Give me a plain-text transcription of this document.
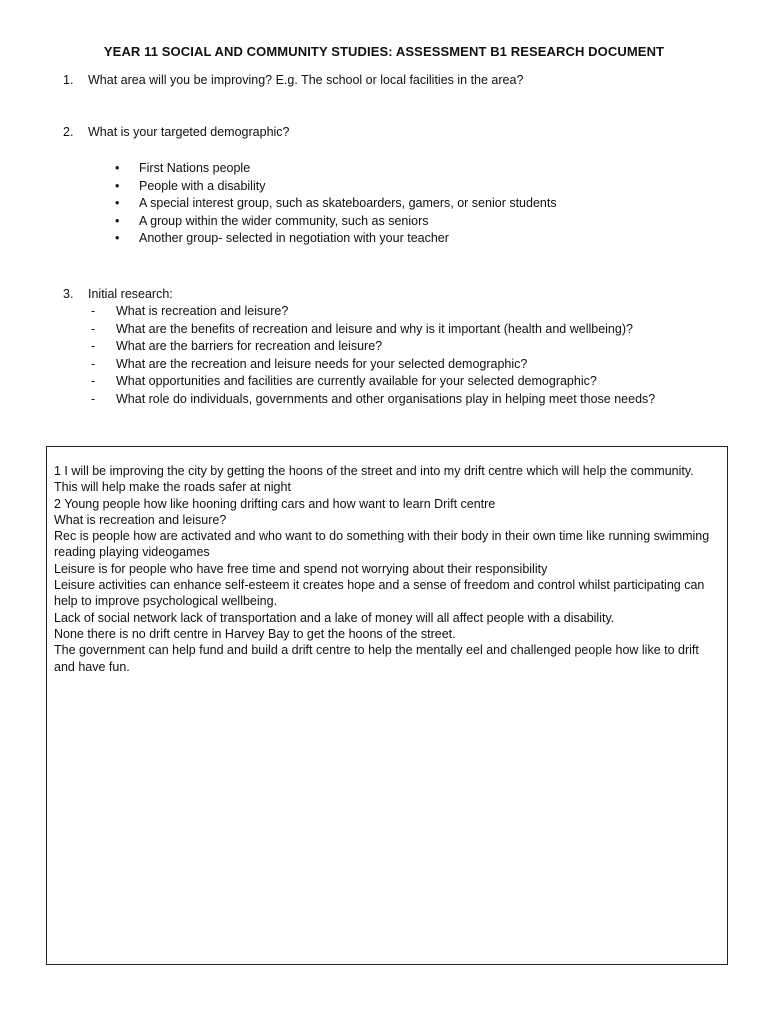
YEAR 11 SOCIAL AND COMMUNITY STUDIES: ASSESSMENT B1 RESEARCH DOCUMENT
1. What area will you be improving? E.g. The school or local facilities in the area?
2. What is your targeted demographic?
• First Nations people
• People with a disability
• A special interest group, such as skateboarders, gamers, or senior students
• A group within the wider community, such as seniors
• Another group- selected in negotiation with your teacher
3. Initial research:
- What is recreation and leisure?
- What are the benefits of recreation and leisure and why is it important (health and wellbeing)?
- What are the barriers for recreation and leisure?
- What are the recreation and leisure needs for your selected demographic?
- What opportunities and facilities are currently available for your selected demographic?
- What role do individuals, governments and other organisations play in helping meet those needs?
1 I will be improving the city by getting the hoons of the street and into my drift centre which will help the community. This will help make the roads safer at night
2 Young people how like hooning drifting cars and how want to learn Drift centre
What is recreation and leisure?
Rec is people how are activated and who want to do something with their body in their own time like running swimming reading playing videogames
Leisure is for people who have free time and spend not worrying about their responsibility
Leisure activities can enhance self-esteem it creates hope and a sense of freedom and control whilst participating can help to improve psychological wellbeing.
Lack of social network lack of transportation and a lake of money will all affect people with a disability.
None there is no drift centre in Harvey Bay to get the hoons of the street.
The government can help fund and build a drift centre to help the mentally eel and challenged people how like to drift and have fun.
